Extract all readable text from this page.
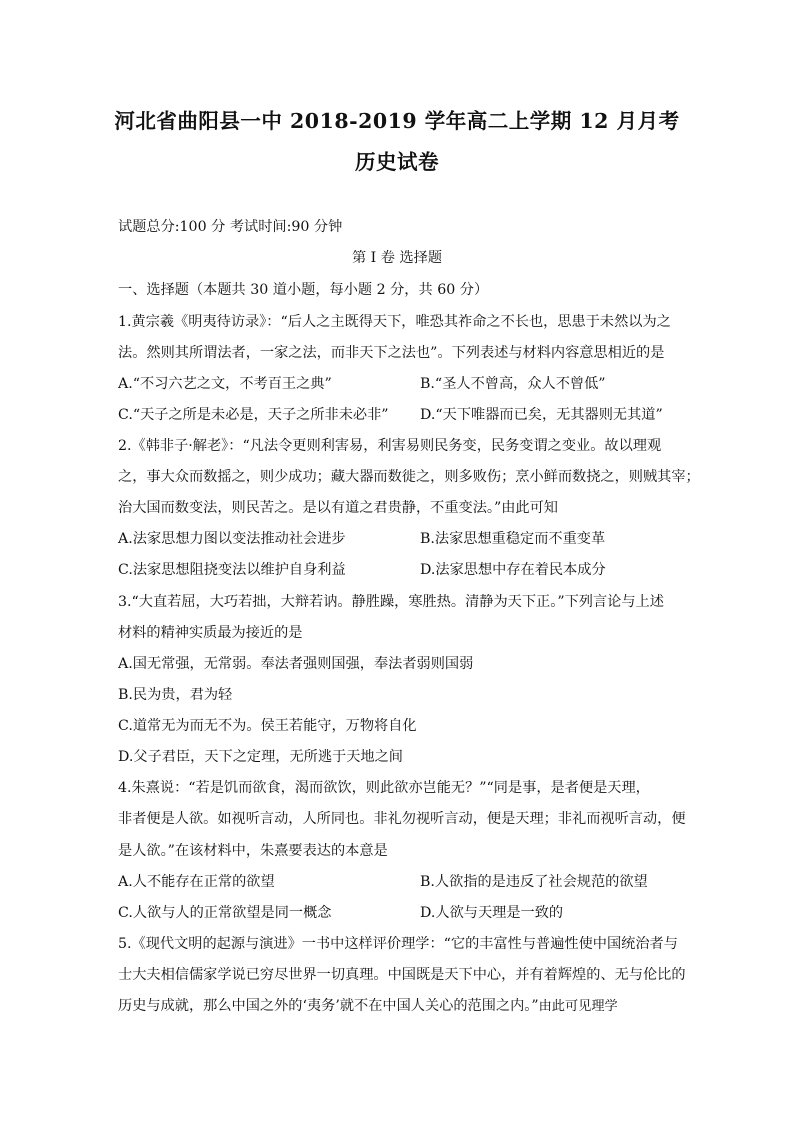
河北省曲阳县一中 2018-2019 学年高二上学期 12 月月考
历史试卷
试题总分:100 分 考试时间:90 分钟
第 I 卷 选择题
一、选择题（本题共 30 道小题，每小题 2 分，共 60 分）
1.黄宗羲《明夷待访录》：“后人之主既得天下，唯恐其祚命之不长也，思患于未然以为之
法。然则其所谓法者，一家之法，而非天下之法也”。下列表述与材料内容意思相近的是
A.“不习六艺之文，不考百王之典”	B.“圣人不曾高，众人不曾低”
C.“天子之所是未必是，天子之所非未必非” D.“天下唯器而已矣，无其器则无其道”
2.《韩非子·解老》：“凡法令更则利害易，利害易则民务变，民务变谓之变业。故以理观
之，事大众而数摇之，则少成功；藏大器而数徙之，则多败伤；烹小鲜而数挠之，则贼其宰；
治大国而数变法，则民苦之。是以有道之君贵静，不重变法。”由此可知
A.法家思想力图以变法推动社会进步	B.法家思想重稳定而不重变革
C.法家思想阻挠变法以维护自身利益	D.法家思想中存在着民本成分
3.“大直若屈，大巧若拙，大辩若讷。静胜躁，寒胜热。清静为天下正。”下列言论与上述
材料的精神实质最为接近的是
A.国无常强，无常弱。奉法者强则国强，奉法者弱则国弱
B.民为贵，君为轻
C.道常无为而无不为。侯王若能守，万物将自化
D.父子君臣，天下之定理，无所逃于天地之间
4.朱熹说：“若是饥而欲食，渴而欲饮，则此欲亦岂能无？”“同是事，是者便是天理，
非者便是人欲。如视听言动，人所同也。非礼勿视听言动，便是天理；非礼而视听言动，便
是人欲。”在该材料中，朱熹要表达的本意是
A.人不能存在正常的欲望	B.人欲指的是违反了社会规范的欲望
C.人欲与人的正常欲望是同一概念	D.人欲与天理是一致的
5.《现代文明的起源与演进》一书中这样评价理学：“它的丰富性与普遍性使中国统治者与
士大夫相信儒家学说已穷尽世界一切真理。中国既是天下中心，并有着辉煌的、无与伦比的
历史与成就，那么中国之外的‘夷务’就不在中国人关心的范围之内。”由此可见理学
